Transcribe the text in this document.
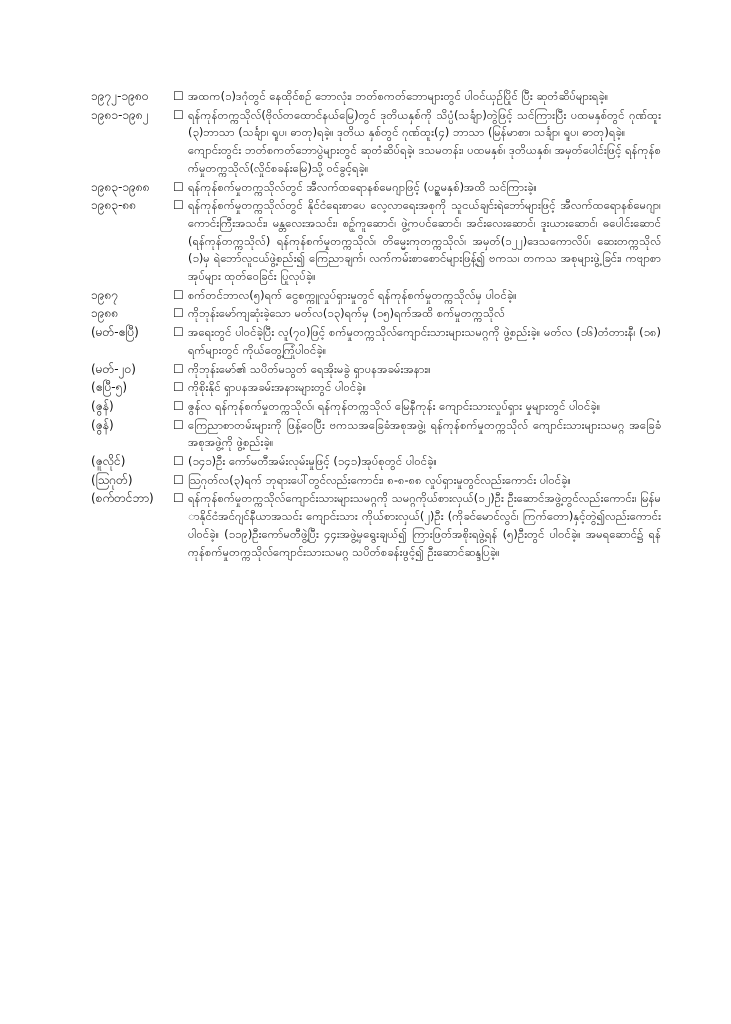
၁၉၇၂-၁၉၈၀	☐ အထက(၁)ဒဂုံတွင် နေထိုင်စဉ် ဘောလုံး၊ ဘတ်စကတ်ဘောများတွင် ပါဝင်ယှဉ်ပြိုင် ပြီး ဆုတံဆိပ်များရခဲ့။

၁၉၈၁-၁၉၈၂	☐ ရန်ကုန်တက္ကသိုလ်(ဗိုလ်တထောင်နယ်မြေ)တွင် ဒုတိယနှစ်ကို သိပ္ပံ(သင်္ချာ)တွဲဖြင့် သင်ကြားပြီး ပထမနှစ်တွင် ဂုဏ်ထူး(၃)ဘာသာ (သင်္ချာ၊ ရူပ၊ ဓာတု)ရခဲ့။ ဒုတိယ နှစ်တွင် ဂုဏ်ထူး(၄) ဘာသာ (မြန်မာစာ၊ သင်္ချာ၊ ရူပ၊ ဓာတု)ရခဲ့။

ကျောင်းတွင်း ဘတ်စကတ်ဘောပွဲများတွင် ဆုတံဆိပ်ရခဲ့၊ ဒသမတန်း၊ ပထမနှစ်၊ ဒုတိယနှစ်၊ အမှတ်ပေါင်းဖြင့် ရန်ကုန်စက်မှုတက္ကသိုလ်(လှိုင်စခန်းမြေ)သို့ ဝင်ခွင့်ရခဲ့။

၁၉၈၃-၁၉၈၈	☐ ရန်ကုန်စက်မှုတက္ကသိုလ်တွင် အီလက်ထရောနစ်မေဂျာဖြင့် (ပဉ္စမနှစ်)အထိ သင်ကြားခဲ့။

၁၉၈၃-၈၈	☐ ရန်ကုန်စက်မှုတက္ကသိုလ်တွင် နိုင်ငံရေးစာပေ လေ့လာရေးအစုကို သူငယ်ချင်းရဲဘော်များဖြင့် အီလက်ထရောနစ်မေဂျာ၊ ကောင်းကြီးအသင်း၊ မန္တလေးအသင်း၊ စဉ့်ကူဆောင်၊ ဖွဲ့ကပင်ဆောင်၊ အင်းလေးဆောင်၊ ဒူးယားဆောင်၊ ဓပေါင်းဆောင် (ရန်ကုန်တက္ကသိုလ်) ရန်ကုန်စက်မှုတက္ကသိုလ်၊ တိမ္မေးကုတက္ကသိုလ်၊ အမှတ်(၁၂၂)ဒေသကောလိပ်၊ ဆေးတက္ကသိုလ်(၁)မှ ရဲဘော်လူငယ်ဖွဲ့စည်း၍ ကြေညာချက်၊ လက်ကမ်းစာစောင်များဖြန့်၍ ဗကသ၊ တကသ အစုများဖွဲ့ခြင်း၊ ကဗျာစာအုပ်များ ထုတ်ဝေခြင်း ပြုလုပ်ခဲ့။

၁၉၈၇	☐ စက်တင်ဘာလ(၅)ရက် ငွေစက္ကူလှုပ်ရှားမှုတွင် ရန်ကုန်စက်မှုတက္ကသိုလ်မှ ပါဝင်ခဲ့။

၁၉၈၈	☐ ကိုဘုန်းမော်ကျဆုံးခဲ့သော မတ်လ(၁၃)ရက်မှ (၁၅)ရက်အထိ စက်မှုတက္ကသိုလ်

(မတ်-ဧပြီ)	☐ အရေးတွင် ပါဝင်ခဲ့ပြီး လူ(၇၀)ဖြင့် စက်မှုတက္ကသိုလ်ကျောင်းသားများသမဂ္ဂကို ဖွဲ့စည်းခဲ့။ မတ်လ (၁၆)တံတားနီ၊ (၁၈)ရက်များတွင် ကိုယ်တွေ့ကြုံပါဝင်ခဲ့။

(မတ်-၂၀)	☐ ကိုဘုန်းမော်၏ သပိတ်မသွတ် ရေအိုးမခွဲ ရှာပနအခမ်းအနား။

(ဧပြီ-၅)	☐ ကိုစိုးနိုင် ရှာပနအခမ်းအနားများတွင် ပါဝင်ခဲ့။

(ဇွန်)	☐ ဇွန်လ ရန်ကုန်စက်မှုတက္ကသိုလ်၊ ရန်ကုန်တက္ကသိုလ် မြေနီကုန်း ကျောင်းသားလှုပ်ရှား မှုများတွင် ပါဝင်ခဲ့။

(ဇွန်)	☐ ကြေညာစာတမ်းများကို ဖြန့်ဝေပြီး ဗကသအခြေခံအစုအဖွဲ့၊ ရန်ကုန်စက်မှုတက္ကသိုလ် ကျောင်းသားများသမဂ္ဂ အခြေခံအစုအဖွဲ့ကို ဖွဲ့စည်းခဲ့။

(ဇူလိုင်)	☐ (၁၄၁)ဦး ကော်မတီအမ်းလုမ်းမှုဖြင့် (၁၄၁)အုပ်စုတွင် ပါဝင်ခဲ့။

(ဩဂုတ်)	☐ ဩဂုတ်လ(၃)ရက် ဘုရားပေါ်တွင်လည်းကောင်း၊ ၈-၈-၈၈ လှုပ်ရှားမှုတွင်လည်းကောင်း ပါဝင်ခဲ့။

(စက်တင်ဘာ)	☐ ရန်ကုန်စက်မှုတက္ကသိုလ်ကျောင်းသားများသမဂ္ဂကို သမဂ္ဂကိုယ်စားလှယ်(၁၂)ဦး ဦးဆောင်အဖွဲ့တွင်လည်းကောင်း၊ မြန်မာနိုင်ငံအင်ဂျင်နီယာအသင်း ကျောင်းသား ကိုယ်စားလှယ်(၂)ဦး (ကိုခင်မောင်လွင်၊ ကြက်တော)နှင့်တွဲ၍လည်းကောင်း ပါဝင်ခဲ့။ (၁၁၉)ဦးကော်မတီဖွဲ့ပြီး ၄၄းအဖွဲ့မှရွေးချယ်၍ ကြားဖြတ်အစိုးရဖွဲ့ရန် (၅)ဦးတွင် ပါဝင်ခဲ့။ အမရဆောင်၌ ရန်ကုန်စက်မှုတက္ကသိုလ်ကျောင်းသားသမဂ္ဂ သပိတ်စခန်းဖွင့်၍ ဦးဆောင်ဆန္ဒပြခဲ့။
